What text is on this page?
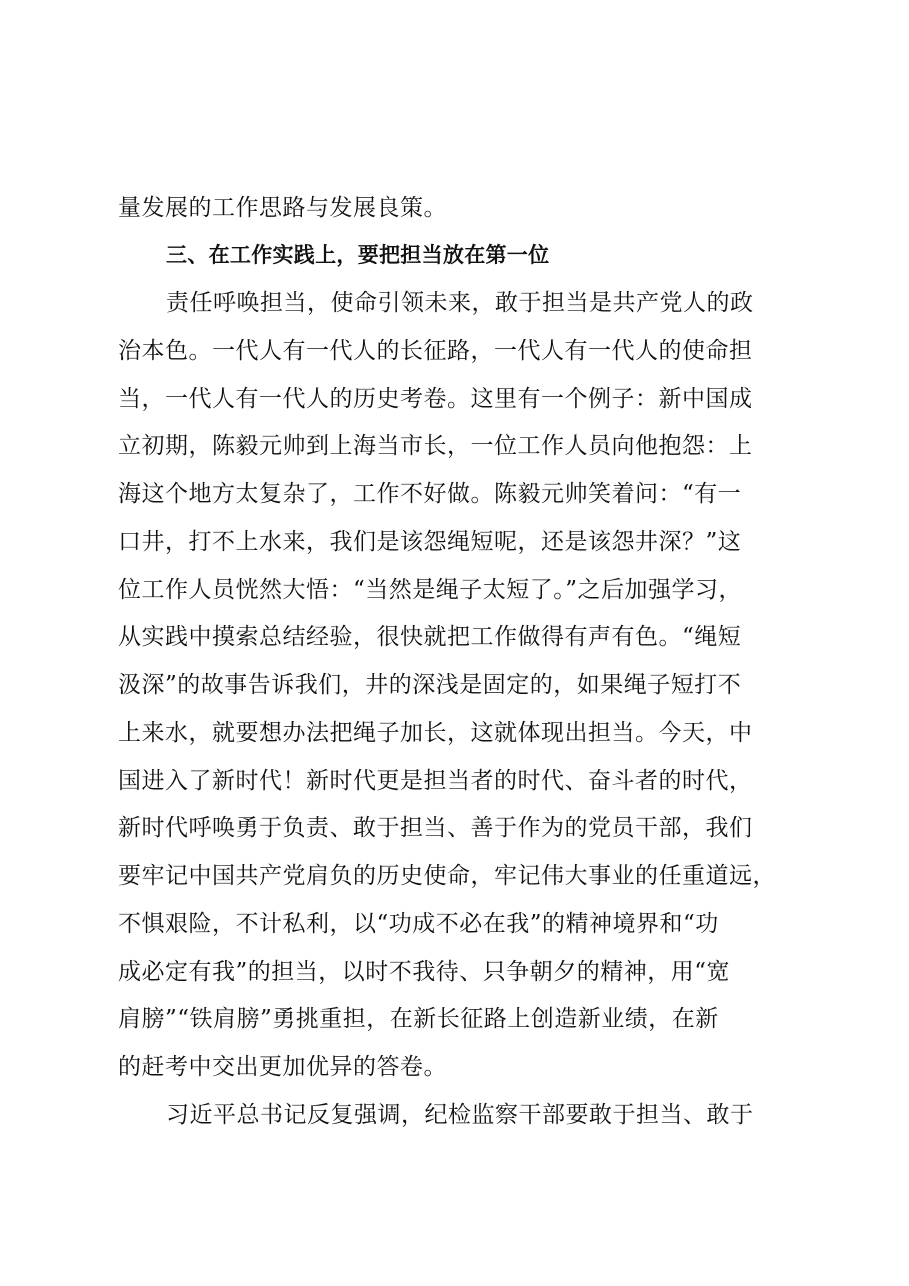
量发展的工作思路与发展良策。
三、在工作实践上，要把担当放在第一位
责任呼唤担当，使命引领未来，敢于担当是共产党人的政
治本色。一代人有一代人的长征路，一代人有一代人的使命担
当，一代人有一代人的历史考卷。这里有一个例子：新中国成
立初期，陈毅元帅到上海当市长，一位工作人员向他抱怨：上
海这个地方太复杂了，工作不好做。陈毅元帅笑着问：“有一
口井，打不上水来，我们是该怨绳短呢，还是该怨井深？”这
位工作人员恍然大悟：“当然是绳子太短了。”之后加强学习，
从实践中摸索总结经验，很快就把工作做得有声有色。“绳短
汲深”的故事告诉我们，井的深浅是固定的，如果绳子短打不
上来水，就要想办法把绳子加长，这就体现出担当。今天，中
国进入了新时代！新时代更是担当者的时代、奋斗者的时代，
新时代呼唤勇于负责、敢于担当、善于作为的党员干部，我们
要牢记中国共产党肩负的历史使命，牢记伟大事业的任重道远，
不惧艰险，不计私利，以“功成不必在我”的精神境界和“功
成必定有我”的担当，以时不我待、只争朝夕的精神，用“宽
肩膀”“铁肩膀”勇挑重担，在新长征路上创造新业绩，在新
的赶考中交出更加优异的答卷。
习近平总书记反复强调，纪检监察干部要敢于担当、敢于
